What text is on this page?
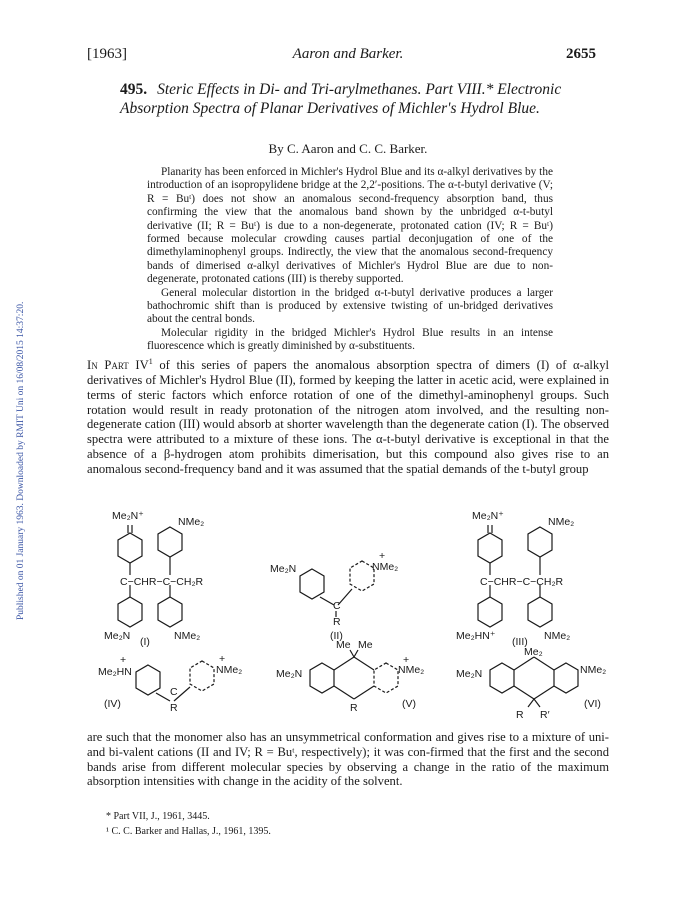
Published on 01 January 1963. Downloaded by RMIT Uni on 16/08/2015 14:37:20.
[1963]	Aaron and Barker.	2655
495. Steric Effects in Di- and Tri-arylmethanes. Part VIII.* Electronic Absorption Spectra of Planar Derivatives of Michler's Hydrol Blue.
By C. Aaron and C. C. Barker.

Planarity has been enforced in Michler's Hydrol Blue and its α-alkyl derivatives by the introduction of an isopropylidene bridge at the 2,2′-positions. The α-t-butyl derivative (V; R = Buᵗ) does not show an anomalous second-frequency absorption band, thus confirming the view that the anomalous band shown by the unbridged α-t-butyl derivative (II; R = Buᵗ) is due to a non-degenerate, protonated cation (IV; R = Buᵗ) formed because molecular crowding causes partial deconjugation of one of the dimethylaminophenyl groups. Indirectly, the view that the anomalous second-frequency bands of dimerised α-alkyl derivatives of Michler's Hydrol Blue are due to non-degenerate, protonated cations (III) is thereby supported.

General molecular distortion in the bridged α-t-butyl derivative produces a larger bathochromic shift than is produced by extensive twisting of un-bridged derivatives about the central bonds.

Molecular rigidity in the bridged Michler's Hydrol Blue results in an intense fluorescence which is greatly diminished by α-substituents.

In Part $IV^1$ of this series of papers the anomalous absorption spectra of dimers (I) of α-alkyl derivatives of Michler's Hydrol Blue (II), formed by keeping the latter in acetic acid, were explained in terms of steric factors which enforce rotation of one of the dimethyl-aminophenyl groups. Such rotation would result in ready protonation of the nitrogen atom involved, and the resulting non-degenerate cation (III) would absorb at shorter wavelength than the degenerate cation (I). The observed spectra were attributed to a mixture of these ions. The α-t-butyl derivative is exceptional in that the absence of a β-hydrogen atom prohibits dimerisation, but this compound also gives rise to an anomalous second-frequency band and it was assumed that the spatial demands of the t-butyl group

Me₂N⁺	NMe₂
C−CHR−C−CH₂R
Me₂N	NMe₂
(I)
Me₂N
+
NMe₂
C
R
(II)
Me₂N⁺	NMe₂
C−CHR−C−CH₂R
Me₂HN⁺	NMe₂
(III)
+
Me₂HN
+
NMe₂
C
R
(IV)
Me Me
Me₂N
+
NMe₂
R	(V)
Me₂
Me₂N	NMe₂
R R′
(VI)

are such that the monomer also has an unsymmetrical conformation and gives rise to a mixture of uni- and bi-valent cations (II and IV; R = Buᵗ, respectively); it was con-firmed that the first and the second bands arise from different molecular species by observing a change in the ratio of the maximum absorption intensities with change in the acidity of the solvent.

* Part VII, J., 1961, 3445.
¹ C. C. Barker and Hallas, J., 1961, 1395.
